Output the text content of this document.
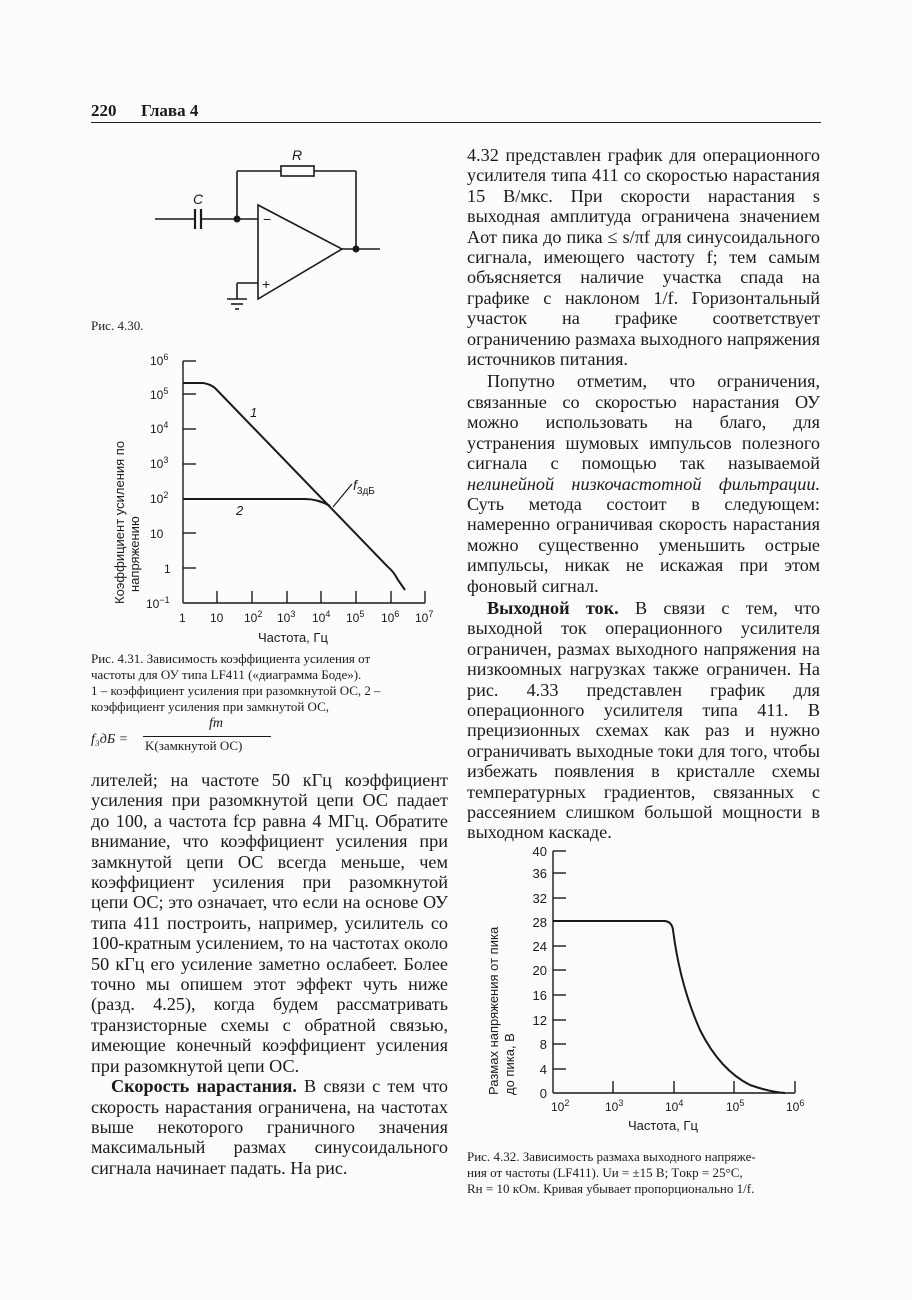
220 Глава 4
R
C
−
+
Рис. 4.30.
$f_{3дБ}$
1
2
$10^6$
$10^5$
$10^4$
$10^3$
$10^2$
10
1
$10^{-1}$
1 10 $10^2$ $10^3$ $10^4$ $10^5$ $10^6$ $10^7$
Частота, Гц
Коэффициент усиления по напряжению
Рис. 4.31. Зависимость коэффициента усиления от
частоты для ОУ типа LF411 («диаграмма Боде»).
1 – коэффициент усиления при разомкнутой ОС, 2 –
коэффициент усиления при замкнутой ОС,
f₃дБ =
fт
K(замкнутой ОС)

лителей; на частоте 50 кГц коэффициент усиления при разомкнутой цепи ОС падает до 100, а частота fср равна 4 МГц. Обратите внимание, что коэффициент усиления при замкнутой цепи ОС всегда меньше, чем коэффициент усиления при разомкнутой цепи ОС; это означает, что если на основе ОУ типа 411 построить, например, усилитель со 100-кратным усилением, то на частотах около 50 кГц его усиление заметно ослабеет. Более точно мы опишем этот эффект чуть ниже (разд. 4.25), когда будем рассматривать транзисторные схемы с обратной связью, имеющие конечный коэффициент усиления при разомкнутой цепи ОС.

Скорость нарастания. В связи с тем что скорость нарастания ограничена, на частотах выше некоторого граничного значения максимальный размах синусоидального сигнала начинает падать. На рис.

4.32 представлен график для операционного усилителя типа 411 со скоростью нарастания 15 В/мкс. При скорости нарастания s выходная амплитуда ограничена значением Aот пика до пика ≤ s/πf для синусоидального сигнала, имеющего частоту f; тем самым объясняется наличие участка спада на графике с наклоном 1/f. Горизонтальный участок на графике соответствует ограничению размаха выходного напряжения источников питания.

Попутно отметим, что ограничения, связанные со скоростью нарастания ОУ можно использовать на благо, для устранения шумовых импульсов полезного сигнала с помощью так называемой нелинейной низкочастотной фильтрации. Суть метода состоит в следующем: намеренно ограничивая скорость нарастания можно существенно уменьшить острые импульсы, никак не искажая при этом фоновый сигнал.

Выходной ток. В связи с тем, что выходной ток операционного усилителя ограничен, размах выходного напряжения на низкоомных нагрузках также ограничен. На рис. 4.33 представлен график для операционного усилителя типа 411. В прецизионных схемах как раз и нужно ограничивать выходные токи для того, чтобы избежать появления в кристалле схемы температурных градиентов, связанных с рассеянием слишком большой мощности в выходном каскаде.

40
36
32
28
24
20
16
12
8
4
0
$10^2$	$10^3$	$10^4$	$10^5$	$10^6$
Частота, Гц
Размах напряжения от пика до пика, В
Рис. 4.32. Зависимость размаха выходного напряже-
ния от частоты (LF411). Uи = ±15 В; Tокр = 25°C,
Rн = 10 кОм. Кривая убывает пропорционально 1/f.
